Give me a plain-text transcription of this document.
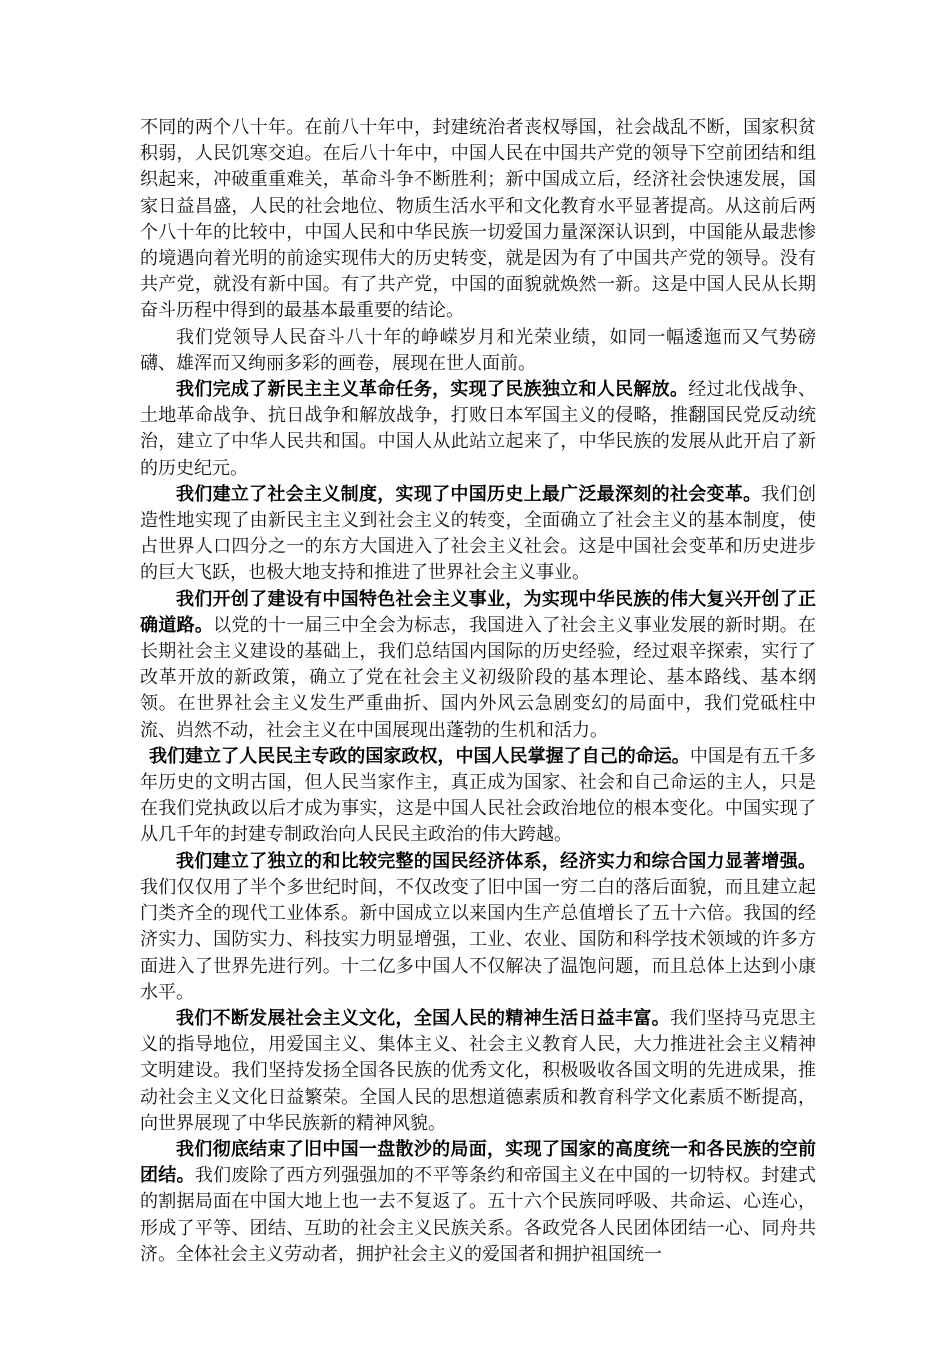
不同的两个八十年。在前八十年中，封建统治者丧权辱国，社会战乱不断，国家积贫积弱，人民饥寒交迫。在后八十年中，中国人民在中国共产党的领导下空前团结和组织起来，冲破重重难关，革命斗争不断胜利；新中国成立后，经济社会快速发展，国家日益昌盛，人民的社会地位、物质生活水平和文化教育水平显著提高。从这前后两个八十年的比较中，中国人民和中华民族一切爱国力量深深认识到，中国能从最悲惨的境遇向着光明的前途实现伟大的历史转变，就是因为有了中国共产党的领导。没有共产党，就没有新中国。有了共产党，中国的面貌就焕然一新。这是中国人民从长期奋斗历程中得到的最基本最重要的结论。

我们党领导人民奋斗八十年的峥嵘岁月和光荣业绩，如同一幅逶迤而又气势磅礴、雄浑而又绚丽多彩的画卷，展现在世人面前。

我们完成了新民主主义革命任务，实现了民族独立和人民解放。经过北伐战争、土地革命战争、抗日战争和解放战争，打败日本军国主义的侵略，推翻国民党反动统治，建立了中华人民共和国。中国人从此站立起来了，中华民族的发展从此开启了新的历史纪元。

我们建立了社会主义制度，实现了中国历史上最广泛最深刻的社会变革。我们创造性地实现了由新民主主义到社会主义的转变，全面确立了社会主义的基本制度，使占世界人口四分之一的东方大国进入了社会主义社会。这是中国社会变革和历史进步的巨大飞跃，也极大地支持和推进了世界社会主义事业。

我们开创了建设有中国特色社会主义事业，为实现中华民族的伟大复兴开创了正确道路。以党的十一届三中全会为标志，我国进入了社会主义事业发展的新时期。在长期社会主义建设的基础上，我们总结国内国际的历史经验，经过艰辛探索，实行了改革开放的新政策，确立了党在社会主义初级阶段的基本理论、基本路线、基本纲领。在世界社会主义发生严重曲折、国内外风云急剧变幻的局面中，我们党砥柱中流、岿然不动，社会主义在中国展现出蓬勃的生机和活力。

我们建立了人民民主专政的国家政权，中国人民掌握了自己的命运。中国是有五千多年历史的文明古国，但人民当家作主，真正成为国家、社会和自己命运的主人，只是在我们党执政以后才成为事实，这是中国人民社会政治地位的根本变化。中国实现了从几千年的封建专制政治向人民民主政治的伟大跨越。

我们建立了独立的和比较完整的国民经济体系，经济实力和综合国力显著增强。我们仅仅用了半个多世纪时间，不仅改变了旧中国一穷二白的落后面貌，而且建立起门类齐全的现代工业体系。新中国成立以来国内生产总值增长了五十六倍。我国的经济实力、国防实力、科技实力明显增强，工业、农业、国防和科学技术领域的许多方面进入了世界先进行列。十二亿多中国人不仅解决了温饱问题，而且总体上达到小康水平。

我们不断发展社会主义文化，全国人民的精神生活日益丰富。我们坚持马克思主义的指导地位，用爱国主义、集体主义、社会主义教育人民，大力推进社会主义精神文明建设。我们坚持发扬全国各民族的优秀文化，积极吸收各国文明的先进成果，推动社会主义文化日益繁荣。全国人民的思想道德素质和教育科学文化素质不断提高，向世界展现了中华民族新的精神风貌。

我们彻底结束了旧中国一盘散沙的局面，实现了国家的高度统一和各民族的空前团结。我们废除了西方列强强加的不平等条约和帝国主义在中国的一切特权。封建式的割据局面在中国大地上也一去不复返了。五十六个民族同呼吸、共命运、心连心，形成了平等、团结、互助的社会主义民族关系。各政党各人民团体团结一心、同舟共济。全体社会主义劳动者，拥护社会主义的爱国者和拥护祖国统一
